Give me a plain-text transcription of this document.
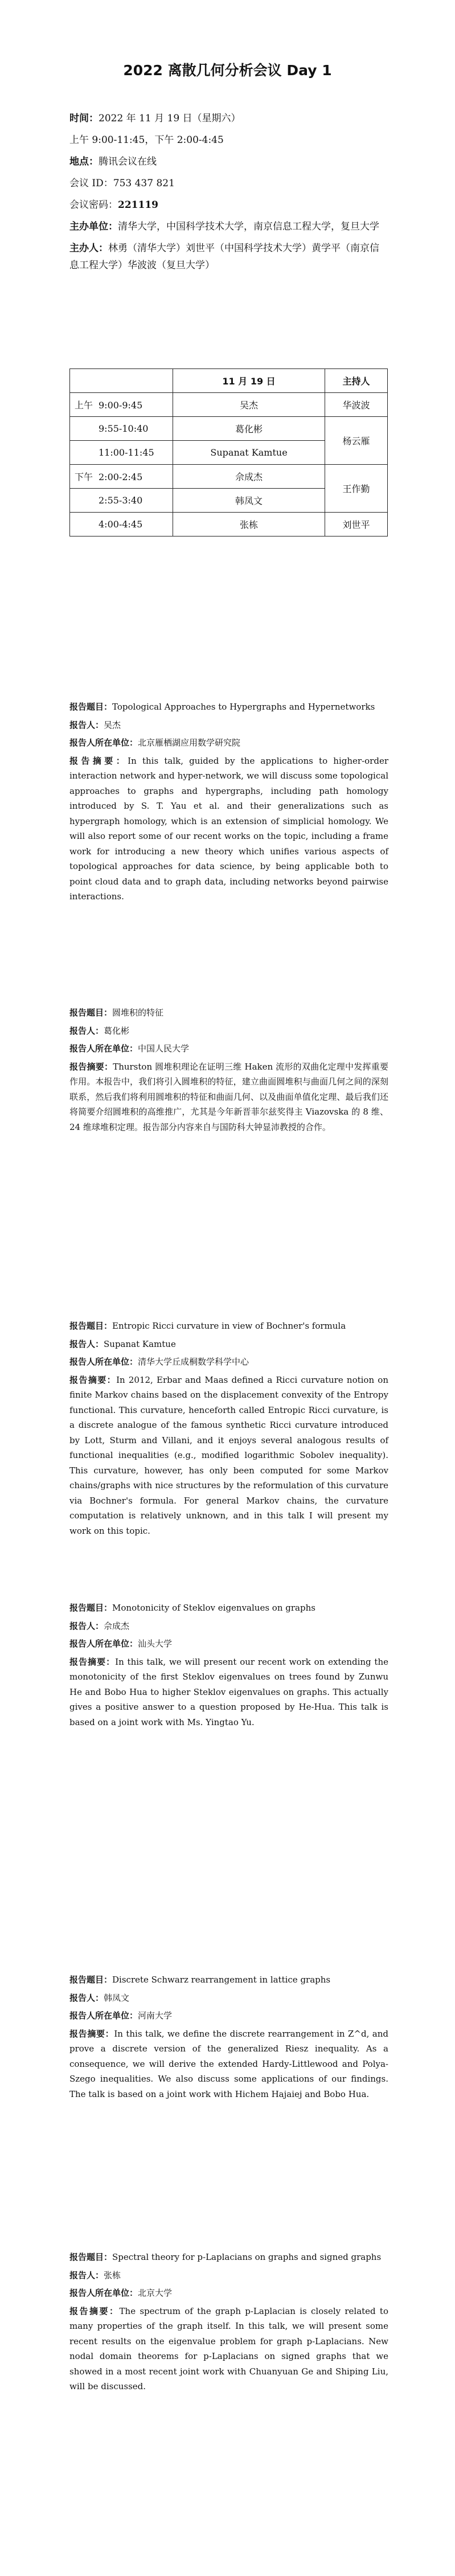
2022 离散几何分析会议 Day 1

时间：2022 年 11 月 19 日（星期六）

上午 9:00-11:45，下午 2:00-4:45

地点：腾讯会议在线

会议 ID：753 437 821

会议密码：221119

主办单位：清华大学，中国科学技术大学，南京信息工程大学，复旦大学

主办人：林勇（清华大学）刘世平（中国科学技术大学）黄学平（南京信息工程大学）华波波（复旦大学）

	11 月 19 日	主持人
上午 9:00-9:45	吴杰	华波波
9:55-10:40	葛化彬	杨云雁
11:00-11:45	Supanat Kamtue	
下午 2:00-2:45	佘成杰	王作勤
2:55-3:40	韩凤文	
4:00-4:45	张栋	刘世平

报告题目：Topological Approaches to Hypergraphs and Hypernetworks

报告人：吴杰

报告人所在单位：北京雁栖湖应用数学研究院

报告摘要：In this talk, guided by the applications to higher-order interaction network and hyper-network, we will discuss some topological approaches to graphs and hypergraphs, including path homology introduced by S. T. Yau et al. and their generalizations such as hypergraph homology, which is an extension of simplicial homology. We will also report some of our recent works on the topic, including a frame work for introducing a new theory which unifies various aspects of topological approaches for data science, by being applicable both to point cloud data and to graph data, including networks beyond pairwise interactions.

报告题目：圆堆积的特征

报告人：葛化彬

报告人所在单位：中国人民大学

报告摘要：Thurston 圆堆积理论在证明三维 Haken 流形的双曲化定理中发挥重要作用。本报告中，我们将引入圆堆积的特征，建立曲面圆堆积与曲面几何之间的深刻联系，然后我们将利用圆堆积的特征和曲面几何、以及曲面单值化定理、最后我们还将简要介绍圆堆积的高维推广，尤其是今年新晋菲尔兹奖得主 Viazovska 的 8 维、24 维球堆积定理。报告部分内容来自与国防科大钟显沛教授的合作。

报告题目：Entropic Ricci curvature in view of Bochner's formula

报告人：Supanat Kamtue

报告人所在单位：清华大学丘成桐数学科学中心

报告摘要：In 2012, Erbar and Maas defined a Ricci curvature notion on finite Markov chains based on the displacement convexity of the Entropy functional. This curvature, henceforth called Entropic Ricci curvature, is a discrete analogue of the famous synthetic Ricci curvature introduced by Lott, Sturm and Villani, and it enjoys several analogous results of functional inequalities (e.g., modified logarithmic Sobolev inequality). This curvature, however, has only been computed for some Markov chains/graphs with nice structures by the reformulation of this curvature via Bochner's formula. For general Markov chains, the curvature computation is relatively unknown, and in this talk I will present my work on this topic.

报告题目：Monotonicity of Steklov eigenvalues on graphs

报告人：佘成杰

报告人所在单位：汕头大学

报告摘要：In this talk, we will present our recent work on extending the monotonicity of the first Steklov eigenvalues on trees found by Zunwu He and Bobo Hua to higher Steklov eigenvalues on graphs. This actually gives a positive answer to a question proposed by He-Hua. This talk is based on a joint work with Ms. Yingtao Yu.

报告题目：Discrete Schwarz rearrangement in lattice graphs

报告人：韩凤文

报告人所在单位：河南大学

报告摘要：In this talk, we define the discrete rearrangement in Z^d, and prove a discrete version of the generalized Riesz inequality. As a consequence, we will derive the extended Hardy-Littlewood and Polya-Szego inequalities. We also discuss some applications of our findings. The talk is based on a joint work with Hichem Hajaiej and Bobo Hua.

报告题目：Spectral theory for p-Laplacians on graphs and signed graphs

报告人：张栋

报告人所在单位：北京大学

报告摘要：The spectrum of the graph p-Laplacian is closely related to many properties of the graph itself. In this talk, we will present some recent results on the eigenvalue problem for graph p-Laplacians. New nodal domain theorems for p-Laplacians on signed graphs that we showed in a most recent joint work with Chuanyuan Ge and Shiping Liu, will be discussed.
